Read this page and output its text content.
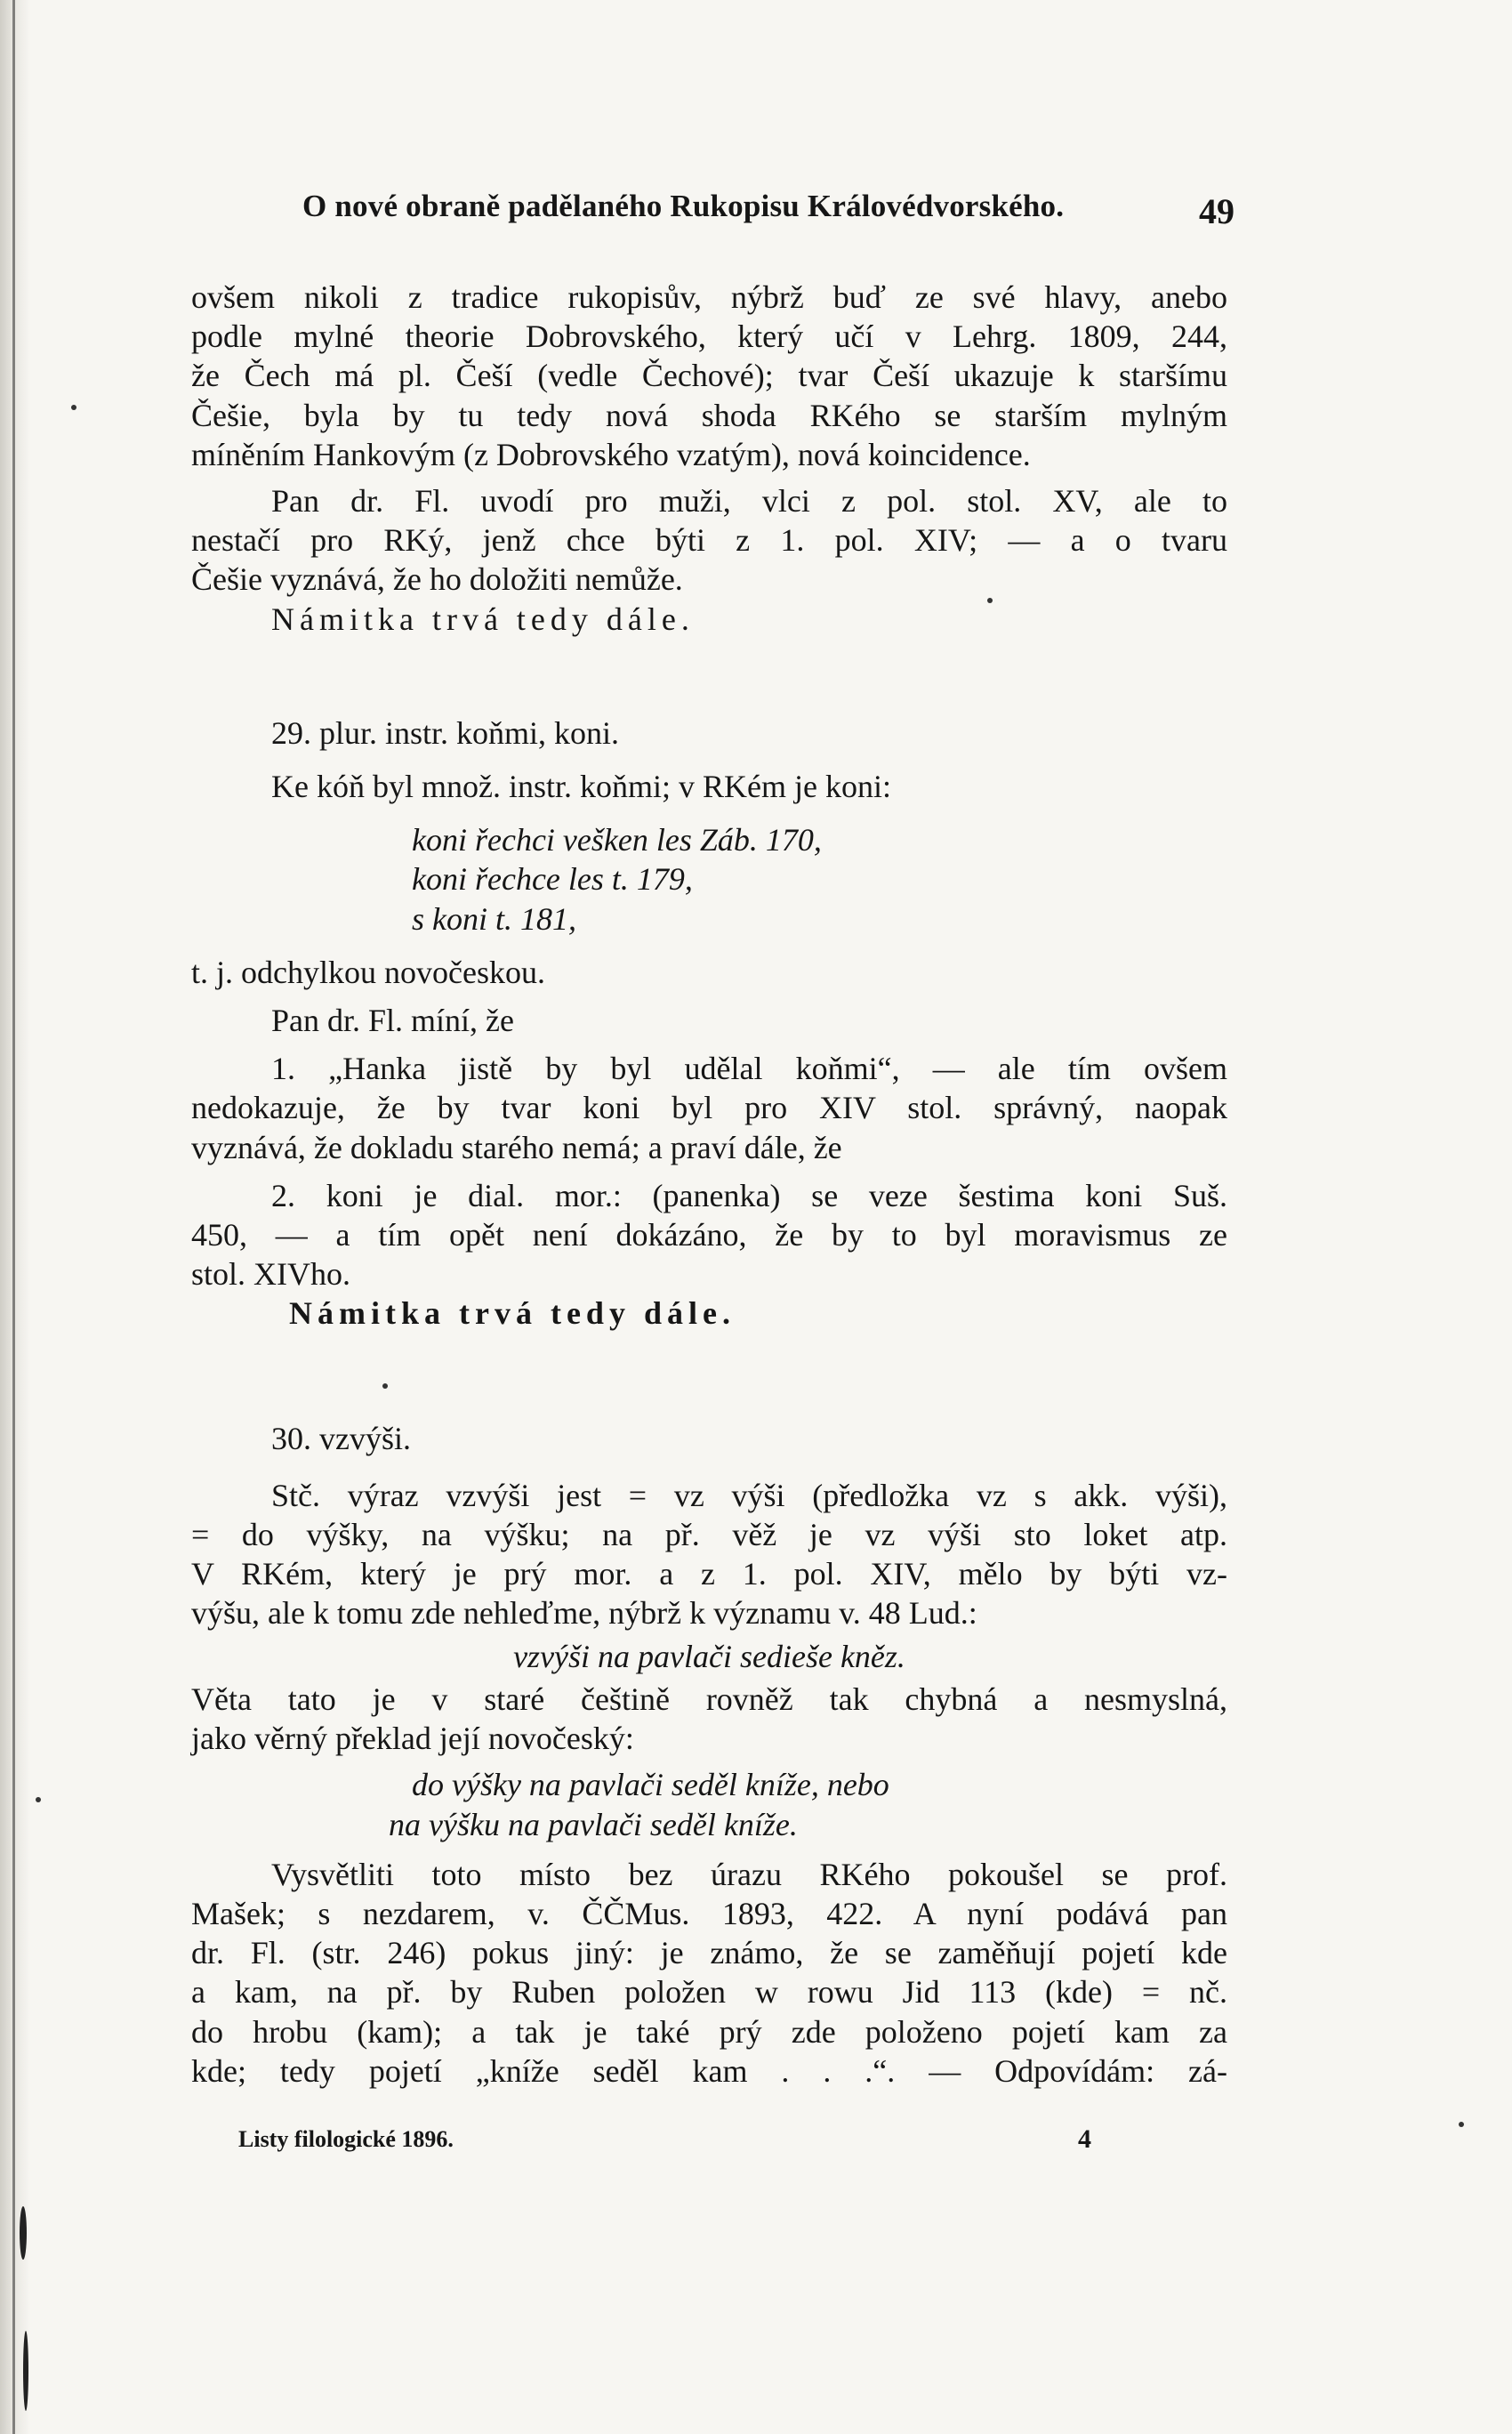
O nové obraně padělaného Rukopisu Královédvorského.	49
ovšem nikoli z tradice rukopisův, nýbrž buď ze své hlavy, anebo
podle mylné theorie Dobrovského, který učí v Lehrg. 1809, 244,
že Čech má pl. Češí (vedle Čechové); tvar Češí ukazuje k staršímu
Češie, byla by tu tedy nová shoda RKého se starším mylným
míněním Hankovým (z Dobrovského vzatým), nová koincidence.
Pan dr. Fl. uvodí pro muži, vlci z pol. stol. XV, ale to
nestačí pro RKý, jenž chce býti z 1. pol. XIV; — a o tvaru
Češie vyznává, že ho doložiti nemůže.
Námitka trvá tedy dále.
29. plur. instr. koňmi, koni.
Ke kóň byl množ. instr. koňmi; v RKém je koni:
koni řechci vešken les Záb. 170,
koni řechce les t. 179,
s koni t. 181,
t. j. odchylkou novočeskou.
Pan dr. Fl. míní, že
1. „Hanka jistě by byl udělal koňmi“, — ale tím ovšem
nedokazuje, že by tvar koni byl pro XIV stol. správný, naopak
vyznává, že dokladu starého nemá; a praví dále, že
2. koni je dial. mor.: (panenka) se veze šestima koni Suš.
450, — a tím opět není dokázáno, že by to byl moravismus ze
stol. XIVho.
Námitka trvá tedy dále.
30. vzvýši.
Stč. výraz vzvýši jest = vz výši (předložka vz s akk. výši),
= do výšky, na výšku; na př. věž je vz výši sto loket atp.
V RKém, který je prý mor. a z 1. pol. XIV, mělo by býti vz-
výšu, ale k tomu zde nehleďme, nýbrž k významu v. 48 Lud.:
vzvýši na pavlači sedieše kněz.
Věta tato je v staré češtině rovněž tak chybná a nesmyslná,
jako věrný překlad její novočeský:
do výšky na pavlači seděl kníže, nebo
na výšku na pavlači seděl kníže.
Vysvětliti toto místo bez úrazu RKého pokoušel se prof.
Mašek; s nezdarem, v. ČČMus. 1893, 422. A nyní podává pan
dr. Fl. (str. 246) pokus jiný: je známo, že se zaměňují pojetí kde
a kam, na př. by Ruben položen w rowu Jid 113 (kde) = nč.
do hrobu (kam); a tak je také prý zde položeno pojetí kam za
kde; tedy pojetí „kníže seděl kam . . .“. — Odpovídám: zá-
Listy filologické 1896.	4
